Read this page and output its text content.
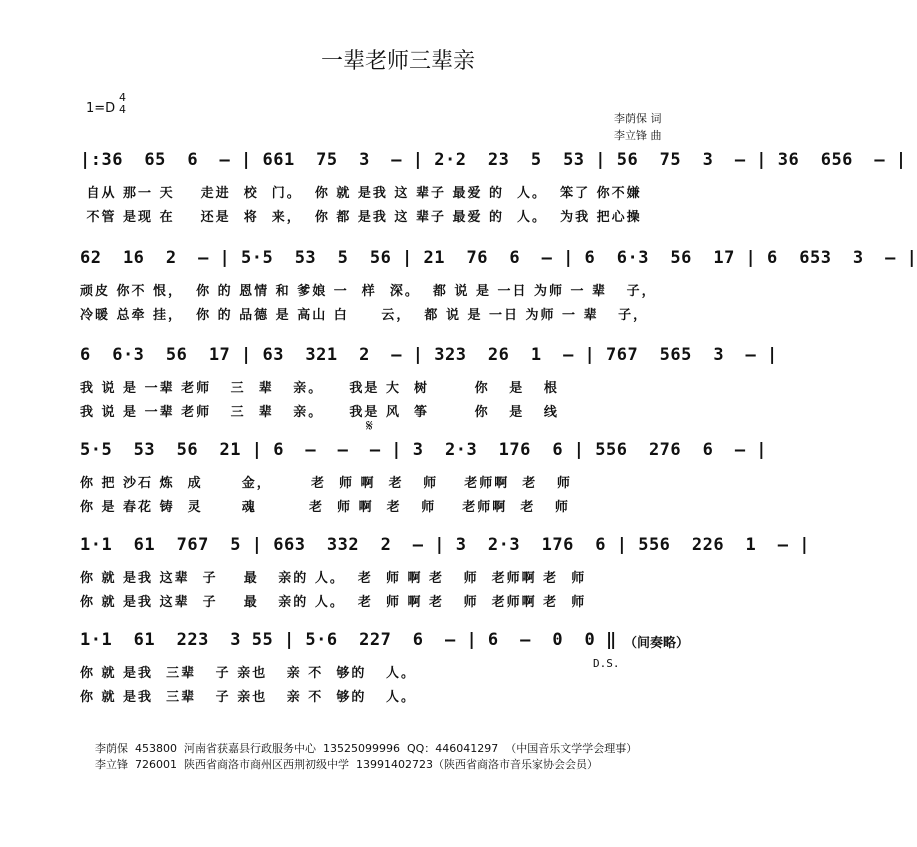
一辈老师三辈亲
1=D
4
4
李荫保 词
李立锋 曲
|:36  65  6  – | 661  75  3  – | 2·2  23  5  53 | 56  75  3  – | 36  656  – |
自从 那一 天    走进  校  门。  你 就 是我 这 辈子 最爱 的  人。  笨了 你不嫌
不管 是现 在    还是  将  来，  你 都 是我 这 辈子 最爱 的  人。  为我 把心操
62  16  2  – | 5·5  53  5  56 | 21  76  6  – | 6  6·3  56  17 | 6  653  3  – |
顽皮 你不 恨，  你 的 恩情 和 爹娘 一  样  深。  都 说 是 一日 为师 一 辈   子，
冷暖 总牵 挂，  你 的 品德 是 高山 白     云，  都 说 是 一日 为师 一 辈   子，
6  6·3  56  17 | 63  321  2  – | 323  26  1  – | 767  565  3  – |
我 说 是 一辈 老师   三  辈   亲。    我是 大  树       你   是   根
我 说 是 一辈 老师   三  辈   亲。    我是 风  筝       你   是   线
𝄋
5·5  53  56  21 | 6  –  –  – | 3  2·3  176  6 | 556  276  6  – |
你 把 沙石 炼  成      金，      老  师 啊  老   师    老师啊  老   师
你 是 春花 铸  灵      魂        老  师 啊  老   师    老师啊  老   师
1·1  61  767  5 | 663  332  2  – | 3  2·3  176  6 | 556  226  1  – |
你 就 是我 这辈  子    最   亲的 人。  老  师 啊 老   师  老师啊 老  师
你 就 是我 这辈  子    最   亲的 人。  老  师 啊 老   师  老师啊 老  师
1·1  61  223  3 55 | 5·6  227  6  – | 6  –  0  0 ‖
你 就 是我  三辈   子 亲也   亲 不  够的   人。
你 就 是我  三辈   子 亲也   亲 不  够的   人。
（间奏略）
D.S.
李荫保  453800  河南省获嘉县行政服务中心  13525099996  QQ：446041297  （中国音乐文学学会理事）
李立锋  726001  陕西省商洛市商州区西荆初级中学  13991402723（陕西省商洛市音乐家协会会员）
